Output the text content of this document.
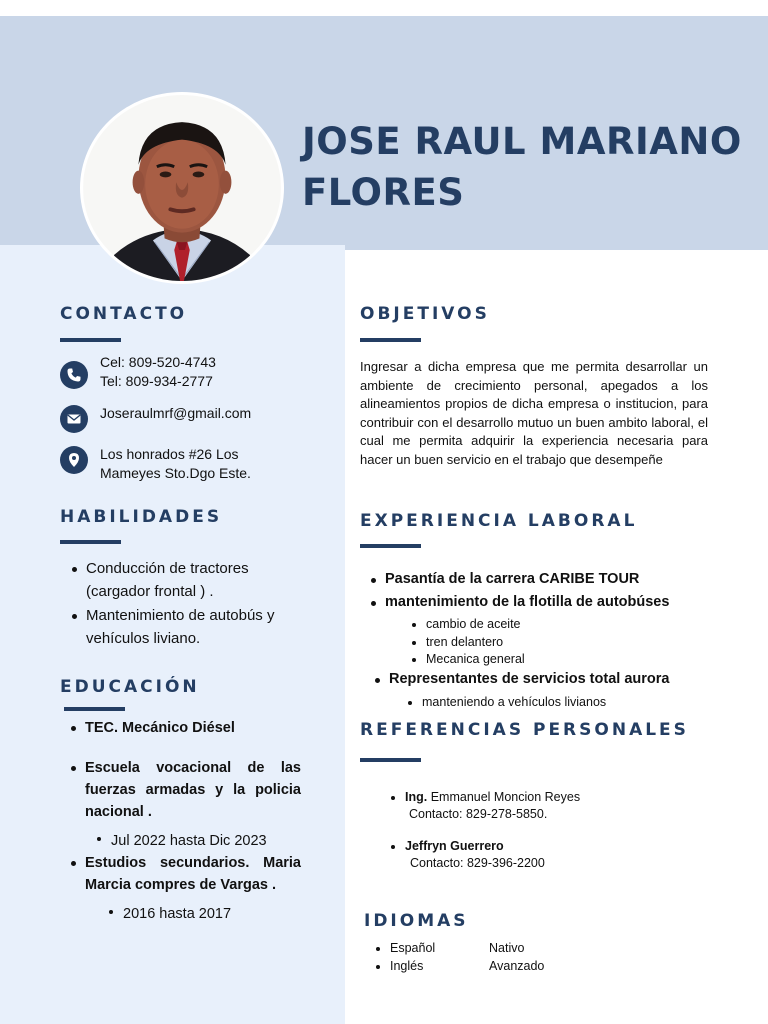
JOSE RAUL MARIANO FLORES
CONTACTO
Cel: 809-520-4743
Tel: 809-934-2777
Joseraulmrf@gmail.com
Los honrados #26 Los
Mameyes Sto.Dgo Este.
HABILIDADES
Conducción de tractores (cargador frontal ) .
Mantenimiento de autobús y vehículos liviano.
EDUCACIÓN
TEC. Mecánico Diésel
Escuela vocacional de las fuerzas armadas y la policia nacional .
Jul 2022 hasta Dic 2023
Estudios secundarios. Maria Marcia compres de Vargas .
2016 hasta 2017
OBJETIVOS
Ingresar a dicha empresa que me permita desarrollar un ambiente de crecimiento personal, apegados a los alineamientos propios de dicha empresa o institucion, para contribuir con el desarrollo mutuo un buen ambito laboral, el cual me permita adquirir la experiencia necesaria para hacer un buen servicio en el trabajo que desempeñe
EXPERIENCIA LABORAL
Pasantía de la carrera CARIBE TOUR
mantenimiento de la flotilla de autobúses
cambio de aceite
tren delantero
Mecanica general
Representantes de servicios total aurora
manteniendo a vehículos livianos
REFERENCIAS PERSONALES
Ing. Emmanuel Moncion Reyes
Contacto: 829-278-5850.
Jeffryn Guerrero
Contacto: 829-396-2200
IDIOMAS
Español	Nativo
Inglés	Avanzado
